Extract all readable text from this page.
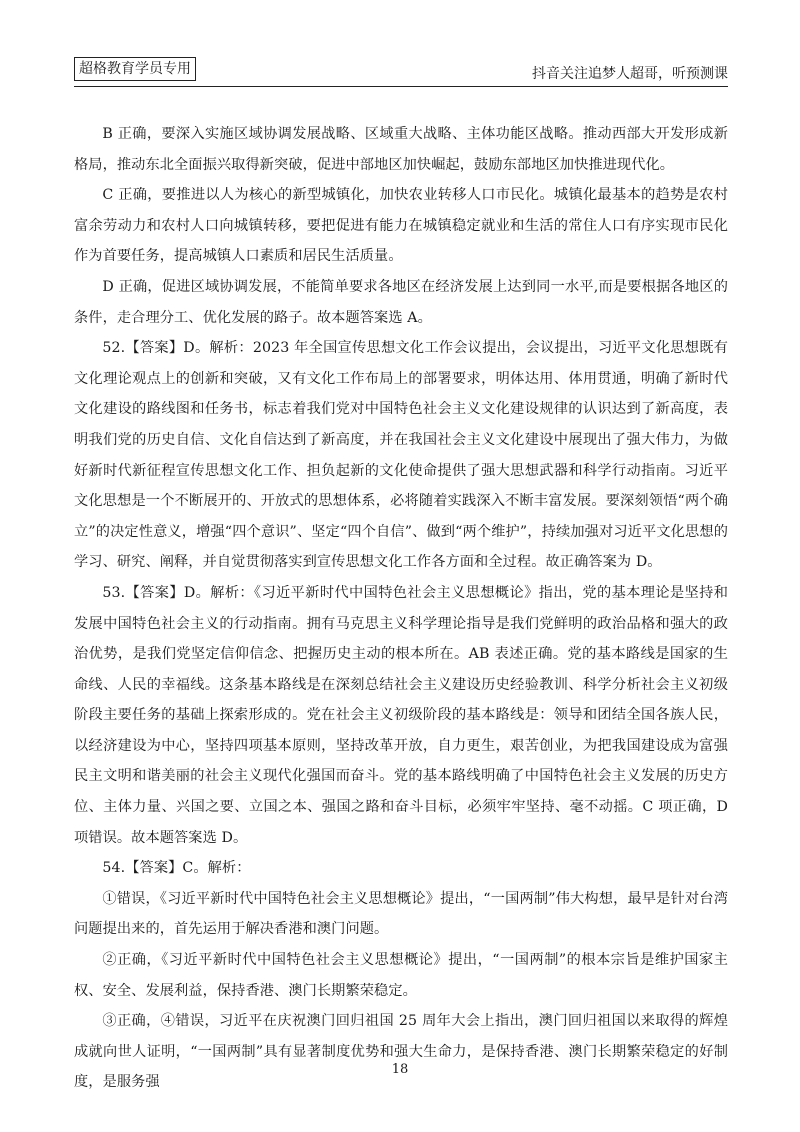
超格教育学员专用	抖音关注追梦人超哥，听预测课

B 正确，要深入实施区域协调发展战略、区域重大战略、主体功能区战略。推动西部大开发形成新格局，推动东北全面振兴取得新突破，促进中部地区加快崛起，鼓励东部地区加快推进现代化。

C 正确，要推进以人为核心的新型城镇化，加快农业转移人口市民化。城镇化最基本的趋势是农村富余劳动力和农村人口向城镇转移，要把促进有能力在城镇稳定就业和生活的常住人口有序实现市民化作为首要任务，提高城镇人口素质和居民生活质量。

D 正确，促进区域协调发展，不能简单要求各地区在经济发展上达到同一水平,而是要根据各地区的条件，走合理分工、优化发展的路子。故本题答案选 A。

52.【答案】D。解析：2023 年全国宣传思想文化工作会议提出，会议提出，习近平文化思想既有文化理论观点上的创新和突破，又有文化工作布局上的部署要求，明体达用、体用贯通，明确了新时代文化建设的路线图和任务书，标志着我们党对中国特色社会主义文化建设规律的认识达到了新高度，表明我们党的历史自信、文化自信达到了新高度，并在我国社会主义文化建设中展现出了强大伟力，为做好新时代新征程宣传思想文化工作、担负起新的文化使命提供了强大思想武器和科学行动指南。习近平文化思想是一个不断展开的、开放式的思想体系，必将随着实践深入不断丰富发展。要深刻领悟“两个确立”的决定性意义，增强“四个意识”、坚定“四个自信”、做到“两个维护”，持续加强对习近平文化思想的学习、研究、阐释，并自觉贯彻落实到宣传思想文化工作各方面和全过程。故正确答案为 D。

53.【答案】D。解析：《习近平新时代中国特色社会主义思想概论》指出，党的基本理论是坚持和发展中国特色社会主义的行动指南。拥有马克思主义科学理论指导是我们党鲜明的政治品格和强大的政治优势，是我们党坚定信仰信念、把握历史主动的根本所在。AB 表述正确。党的基本路线是国家的生命线、人民的幸福线。这条基本路线是在深刻总结社会主义建设历史经验教训、科学分析社会主义初级阶段主要任务的基础上探索形成的。党在社会主义初级阶段的基本路线是：领导和团结全国各族人民，以经济建设为中心，坚持四项基本原则，坚持改革开放，自力更生，艰苦创业，为把我国建设成为富强民主文明和谐美丽的社会主义现代化强国而奋斗。党的基本路线明确了中国特色社会主义发展的历史方位、主体力量、兴国之要、立国之本、强国之路和奋斗目标，必须牢牢坚持、毫不动摇。C 项正确，D 项错误。故本题答案选 D。

54.【答案】C。解析：

①错误，《习近平新时代中国特色社会主义思想概论》提出，“一国两制”伟大构想，最早是针对台湾问题提出来的，首先运用于解决香港和澳门问题。

②正确，《习近平新时代中国特色社会主义思想概论》提出，“一国两制”的根本宗旨是维护国家主权、安全、发展利益，保持香港、澳门长期繁荣稳定。

③正确，④错误，习近平在庆祝澳门回归祖国 25 周年大会上指出，澳门回归祖国以来取得的辉煌成就向世人证明，“一国两制”具有显著制度优势和强大生命力，是保持香港、澳门长期繁荣稳定的好制度，是服务强

18
